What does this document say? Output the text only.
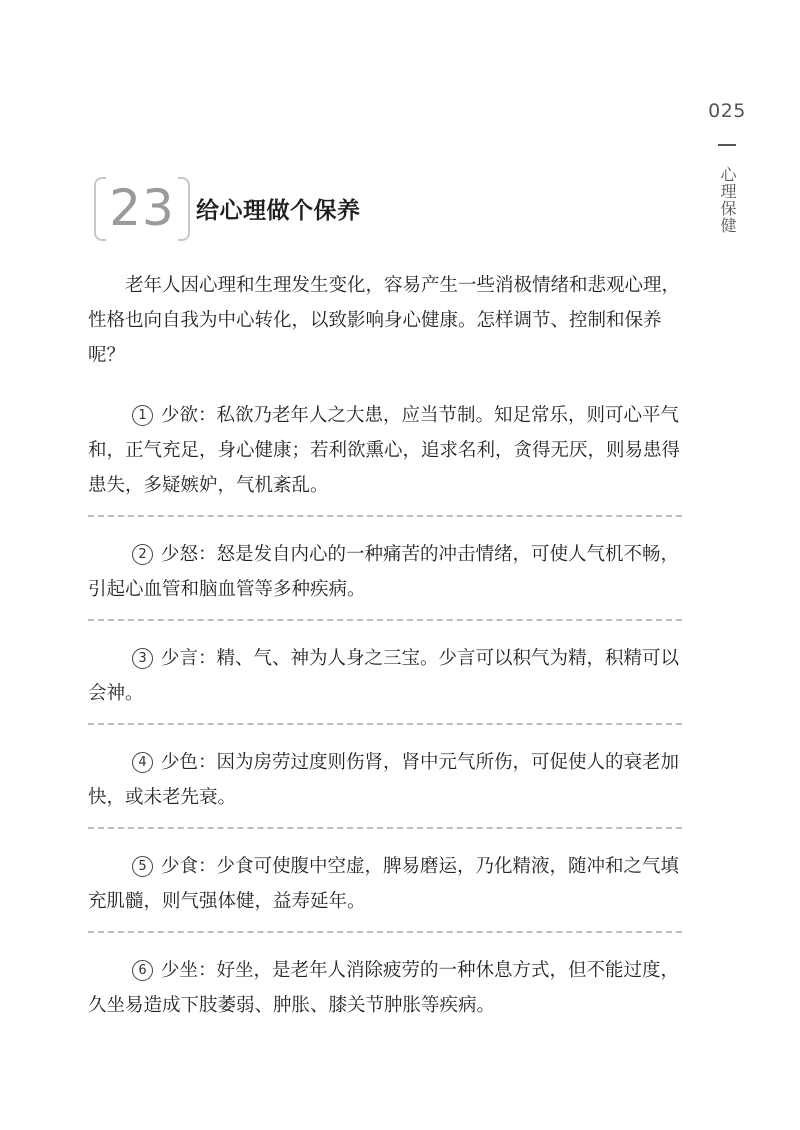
025
心理保健
23 给心理做个保养

老年人因心理和生理发生变化，容易产生一些消极情绪和悲观心理，性格也向自我为中心转化，以致影响身心健康。怎样调节、控制和保养呢？

1 少欲：私欲乃老年人之大患，应当节制。知足常乐，则可心平气和，正气充足，身心健康；若利欲熏心，追求名利，贪得无厌，则易患得患失，多疑嫉妒，气机紊乱。

2 少怒：怒是发自内心的一种痛苦的冲击情绪，可使人气机不畅，引起心血管和脑血管等多种疾病。

3 少言：精、气、神为人身之三宝。少言可以积气为精，积精可以会神。

4 少色：因为房劳过度则伤肾，肾中元气所伤，可促使人的衰老加快，或未老先衰。

5 少食：少食可使腹中空虚，脾易磨运，乃化精液，随冲和之气填充肌髓，则气强体健，益寿延年。

6 少坐：好坐，是老年人消除疲劳的一种休息方式，但不能过度，久坐易造成下肢萎弱、肿胀、膝关节肿胀等疾病。
